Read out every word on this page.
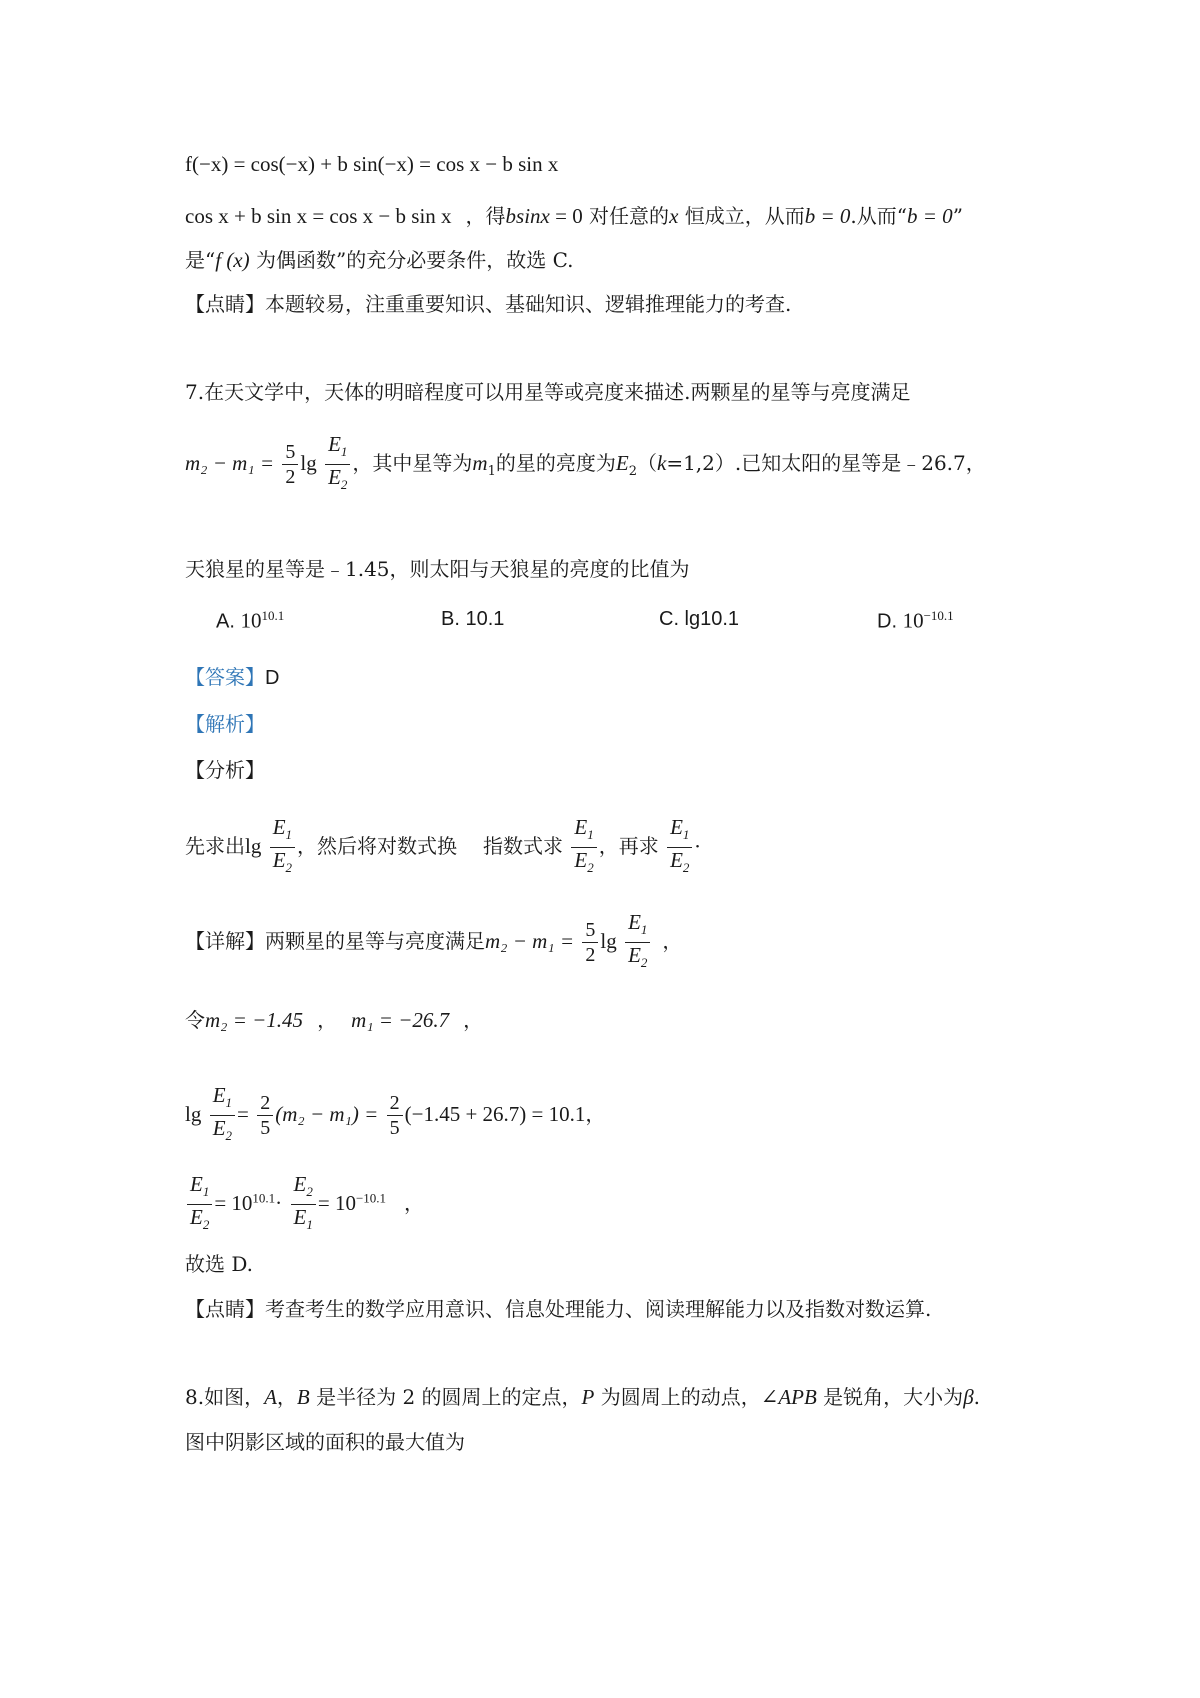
f(−x) = cos(−x) + b sin(−x) = cos x − b sin x
cos x + b sin x = cos x − b sin x ，得bsinx = 0 对任意的x 恒成立，从而b = 0.从而“b = 0”
是“f (x) 为偶函数”的充分必要条件，故选 C.
【点睛】本题较易，注重重要知识、基础知识、逻辑推理能力的考查.
7.在天文学中，天体的明暗程度可以用星等或亮度来描述.两颗星的星等与亮度满足
$m_2 - m_1 = \frac{5}{2}$ $\lg \frac{E_1}{E_2}$ ，其中星等为$m_1$的星的亮度为$E_2(k=1,2)$.已知太阳的星等是﹣26.7，
天狼星的星等是﹣1.45，则太阳与天狼星的亮度的比值为
A. $10^{10.1}$	B. 10.1	C. lg10.1	D. $10^{-10.1}$
【答案】D
【解析】
【分析】
先求出$\lg \frac{E_1}{E_2}$ ，然后将对数式换 指数式求 $\frac{E_1}{E_2}$ ，再求 $\frac{E_1}{E_2}$ ·
【详解】两颗星的星等与亮度满足$m_2 - m_1 = \frac{5}{2}$ $\lg \frac{E_1}{E_2}$ ，
令m₂ = −1.45 ， m₁ = −26.7 ，
$\lg \frac{E_1}{E_2} = \frac{2}{5} (m_2 - m_1) = \frac{2}{5} (-1.45 + 26.7) = 10.1$，
$\frac{E_1}{E_2} = 10^{10.1}\cdot \frac{E_2}{E_1} = 10^{-10.1}$ ，
故选 D.
【点睛】考查考生的数学应用意识、信息处理能力、阅读理解能力以及指数对数运算.
8.如图，A，B 是半径为 2 的圆周上的定点，P 为圆周上的动点，∠APB 是锐角，大小为β.
图中阴影区域的面积的最大值为
